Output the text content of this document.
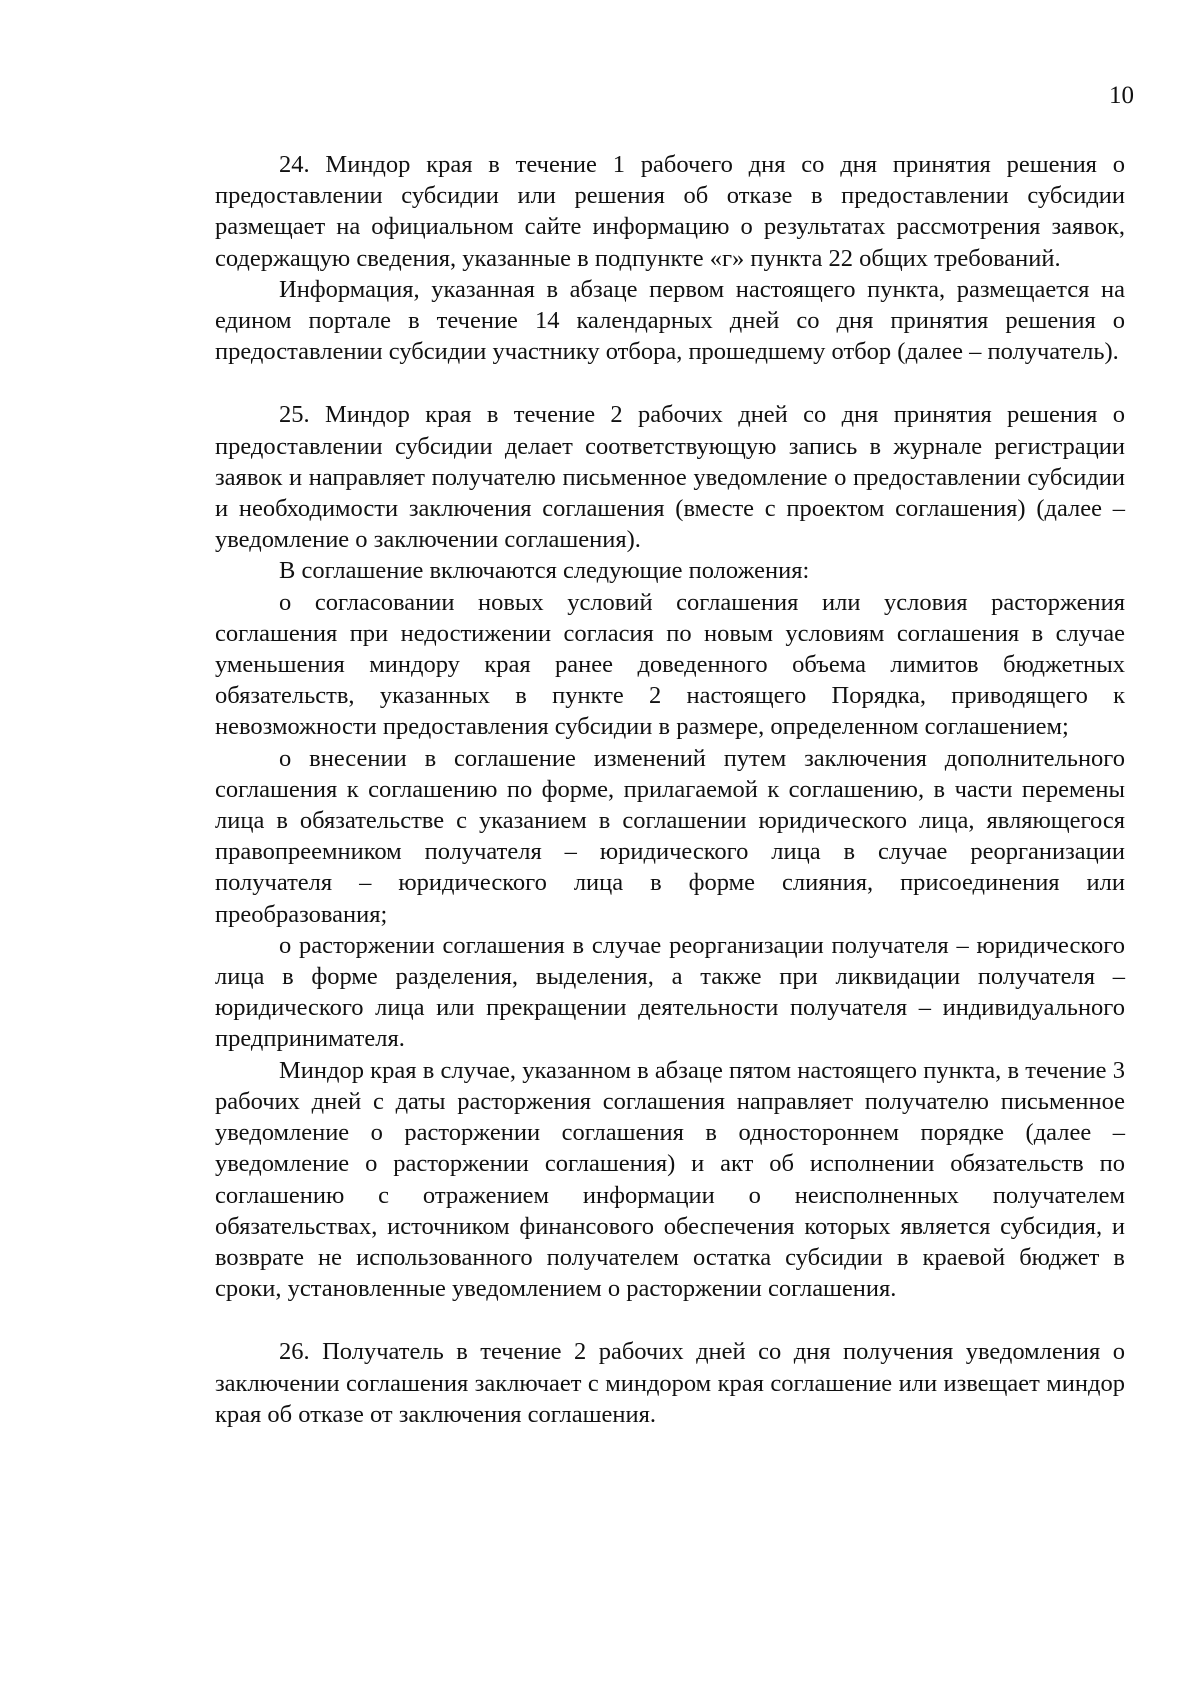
10

24. Миндор края в течение 1 рабочего дня со дня принятия решения о предоставлении субсидии или решения об отказе в предоставлении субсидии размещает на официальном сайте информацию о результатах рассмотрения заявок, содержащую сведения, указанные в подпункте «г» пункта 22 общих требований.

Информация, указанная в абзаце первом настоящего пункта, размещается на едином портале в течение 14 календарных дней со дня принятия решения о предоставлении субсидии участнику отбора, прошедшему отбор (далее – получатель).

25. Миндор края в течение 2 рабочих дней со дня принятия решения о предоставлении субсидии делает соответствующую запись в журнале регистрации заявок и направляет получателю письменное уведомление о предоставлении субсидии и необходимости заключения соглашения (вместе с проектом соглашения) (далее – уведомление о заключении соглашения).

В соглашение включаются следующие положения:

о согласовании новых условий соглашения или условия расторжения соглашения при недостижении согласия по новым условиям соглашения в случае уменьшения миндору края ранее доведенного объема лимитов бюджетных обязательств, указанных в пункте 2 настоящего Порядка, приводящего к невозможности предоставления субсидии в размере, определенном соглашением;

о внесении в соглашение изменений путем заключения дополнительного соглашения к соглашению по форме, прилагаемой к соглашению, в части перемены лица в обязательстве с указанием в соглашении юридического лица, являющегося правопреемником получателя – юридического лица в случае реорганизации получателя – юридического лица в форме слияния, присоединения или преобразования;

о расторжении соглашения в случае реорганизации получателя – юридического лица в форме разделения, выделения, а также при ликвидации получателя – юридического лица или прекращении деятельности получателя – индивидуального предпринимателя.

Миндор края в случае, указанном в абзаце пятом настоящего пункта, в течение 3 рабочих дней с даты расторжения соглашения направляет получателю письменное уведомление о расторжении соглашения в одностороннем порядке (далее – уведомление о расторжении соглашения) и акт об исполнении обязательств по соглашению с отражением информации о неисполненных получателем обязательствах, источником финансового обеспечения которых является субсидия, и возврате не использованного получателем остатка субсидии в краевой бюджет в сроки, установленные уведомлением о расторжении соглашения.

26. Получатель в течение 2 рабочих дней со дня получения уведомления о заключении соглашения заключает с миндором края соглашение или извещает миндор края об отказе от заключения соглашения.
